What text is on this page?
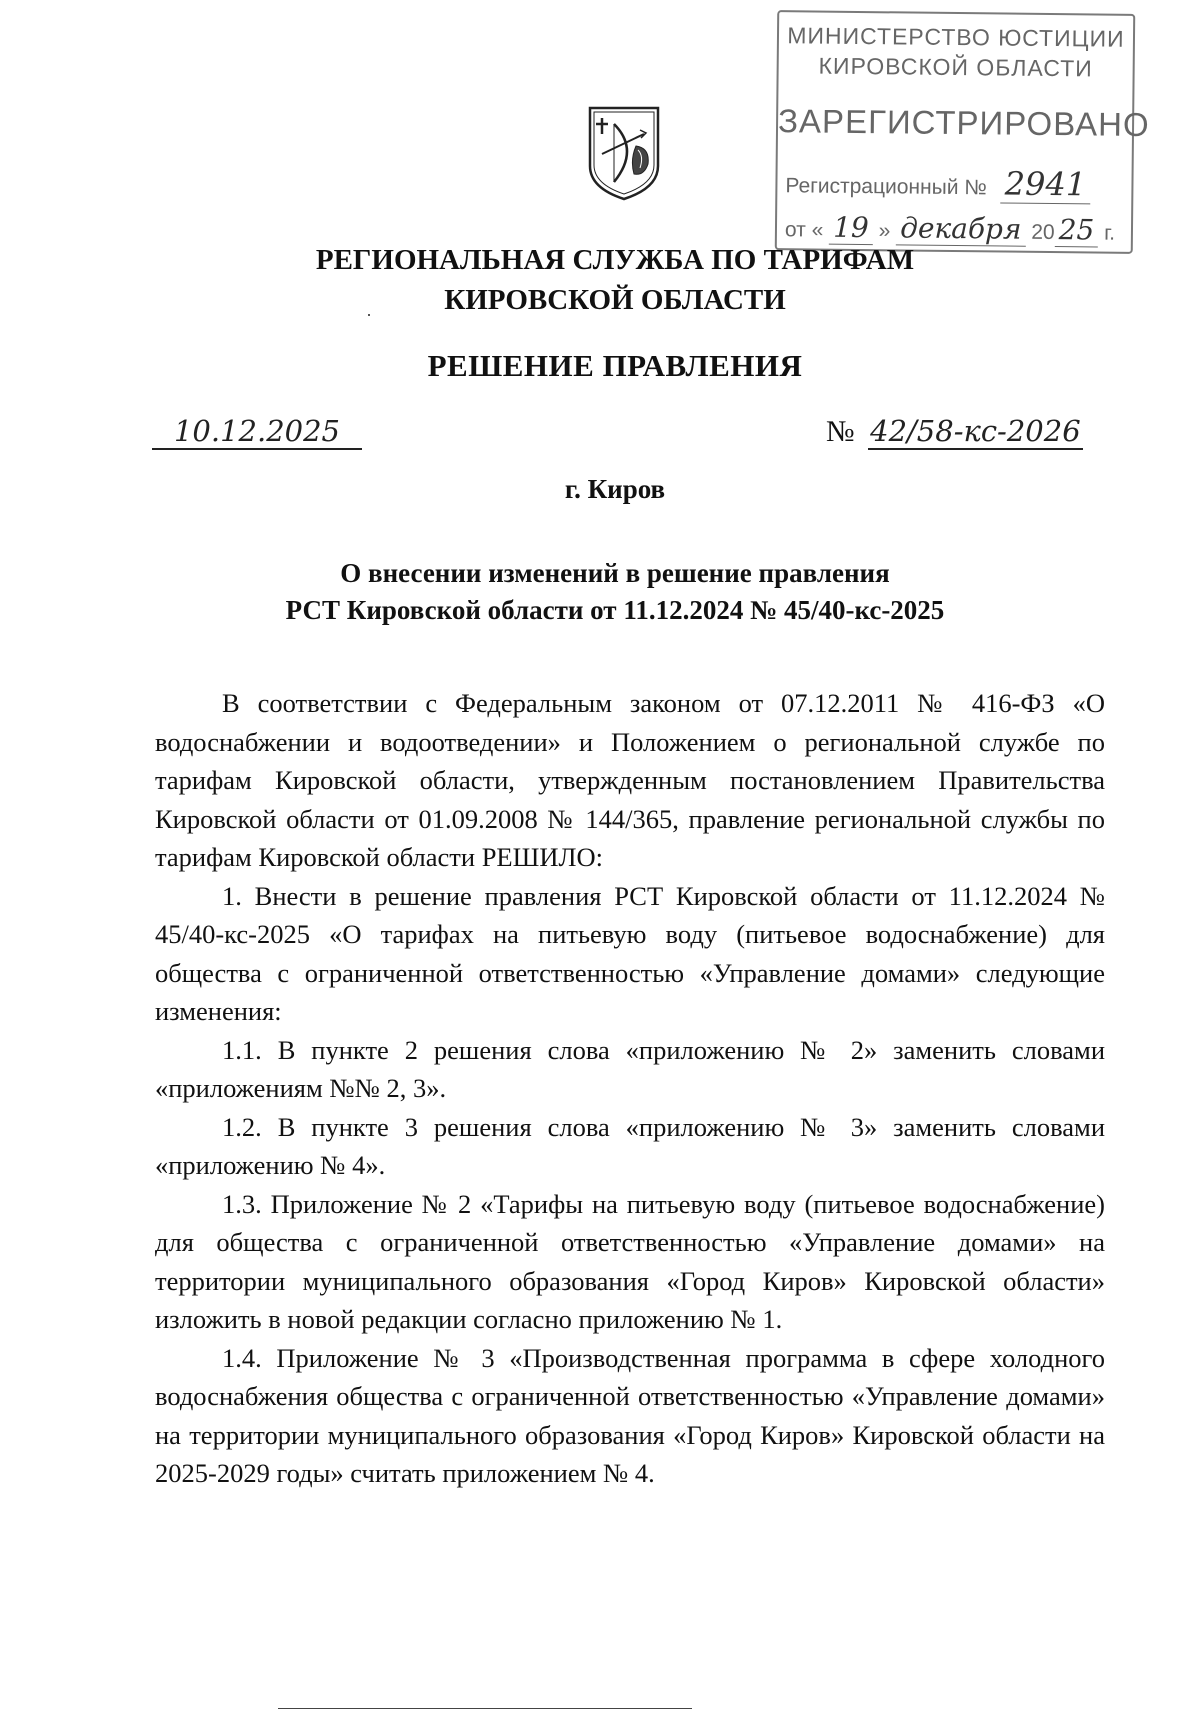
МИНИСТЕРСТВО ЮСТИЦИИ
КИРОВСКОЙ ОБЛАСТИ
ЗАРЕГИСТРИРОВАНО
Регистрационный № 2941
от « 19 » декабря 20 25 г.
РЕГИОНАЛЬНАЯ СЛУЖБА ПО ТАРИФАМ
КИРОВСКОЙ ОБЛАСТИ
РЕШЕНИЕ ПРАВЛЕНИЯ
10.12.2025	№ 42/58-кс-2026
г. Киров
О внесении изменений в решение правления
РСТ Кировской области от 11.12.2024 № 45/40-кс-2025

В соответствии с Федеральным законом от 07.12.2011 № 416-ФЗ «О водоснабжении и водоотведении» и Положением о региональной службе по тарифам Кировской области, утвержденным постановлением Правительства Кировской области от 01.09.2008 № 144/365, правление региональной службы по тарифам Кировской области РЕШИЛО:

1. Внести в решение правления РСТ Кировской области от 11.12.2024 № 45/40-кс-2025 «О тарифах на питьевую воду (питьевое водоснабжение) для общества с ограниченной ответственностью «Управление домами» следующие изменения:

1.1. В пункте 2 решения слова «приложению № 2» заменить словами «приложениям №№ 2, 3».

1.2. В пункте 3 решения слова «приложению № 3» заменить словами «приложению № 4».

1.3. Приложение № 2 «Тарифы на питьевую воду (питьевое водоснабжение) для общества с ограниченной ответственностью «Управление домами» на территории муниципального образования «Город Киров» Кировской области» изложить в новой редакции согласно приложению № 1.

1.4. Приложение № 3 «Производственная программа в сфере холодного водоснабжения общества с ограниченной ответственностью «Управление домами» на территории муниципального образования «Город Киров» Кировской области на 2025-2029 годы» считать приложением № 4.
